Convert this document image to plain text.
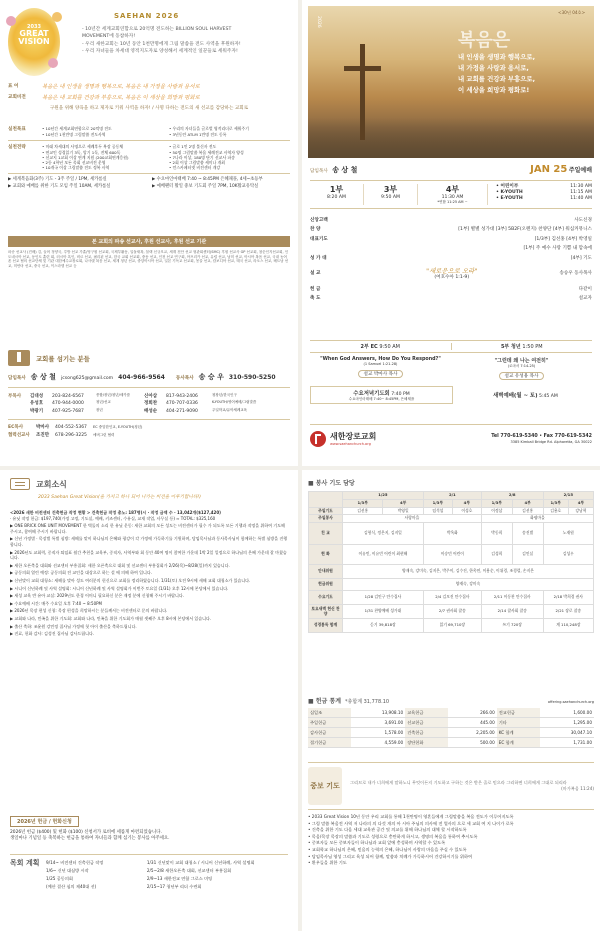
2033
GREAT VISION
SAEHAN 2026
- 10년간 세계교회연합으로 20억명 전도하는 BILLION SOUL HARVEST
MOVEMENT에 동참하자!
- 우리 새한교회는 10년 동안 1천만명에게 그림 말씀을 전도 사역을 후원하자!
- 우리 자녀들을 차세대 영적지도자로 양성해서 세계적인 일꾼들로 세워주자!
표 어	복음은 내 인생을 생명과 행복으로, 복음은 내 가정을 사랑과 용서로
교회비전	복음은 내 교회를 건강과 부흥으로, 복음은 이 세상을 희망과 평화로
구원을 위해 양육을 하고 제자로 키워 사역을 하자! / 사명 다하는 전도의 새 선교를 감당하는 교회로
실천목표	• 10년간 세계교회연합으로 20억명 전도	• 우리의 자녀들을 글로벌 영적리더로 세워주기
• 10년간 1천만명 그림말씀 전도사역	• 3년동안 ATLM 1만명 전도 동록
실천전략	• 미래 차세대의 사명으로 세례후두 복장 공동체	• 글로 1인 2명 불신자 전도
• 연교인 성경읽기 3독, 암기 1독, 전체 600독	• 50명 그림말씀 복음 세례전교 사역자 양성
• 선교지 1교회 이상 연계 지원 (200교회연계응원)	• 7나라 이상, 180명 단기 선교사 파송
• 2등 4학년 모든 목회 선교비전 운영	• 2회 이상 그림말씀 세미나 개최
• 10개국 이상 그림말씀 전도 정복 사역	• 언스카페터넷 비전센터 개강
▶ 세계복음화(3주) 기도 - 3주 주일 / 1PM, 세카룸실	▶ 수요마인마태배 7:40 ~ 8:45PM 은혜채플, 4세~초등부
▶ 교회와 예배를 위한 기도 모임 주일 10AM, 세카룸실	▶ 예배팬터 활일 중보 기도회 주일 7PM, 10K활교유탁실
본 교회의 파송 선교사, 후원 선교사, 후원 선교 기관
파송 선교사 (진배) 김, 들어 정양국, 루방 선교 가훈/영구원 선교회, 국제부활동, 일돌새복, 블랙 신규모교, 세계 천안 선교 형관회센터(SMC) 후원 선교사 GP 선교회, 참순인지선교회, 인도네시아 선교, 동인도 훈련 회, 러시아 흑인, 비르 선교, 필리핀 선교, 한국 교회 선교회, 중동 선교, 인천 선교 연구회, 아프리카 선교, 유럽 선교, 남미 선교, 아시아 복음 선교, 국내 농어촌 선교 협의 선교단체 및 기관 대한예수교장로회, 나사렛 복음 선교, 세계 청년 선교, 중앙아시아 선교, 일본 기독교 선교회, 몽골 선교, 캄보디아 선교, 태국 선교, 라오스 선교, 베트남 선교, 미얀마 선교, 중국 선교, 이스라엘 선교 등
교회를 섬기는 분들
담임목사 송 상 철 jcsong625@gmail.com 404-966-9564 동사목사 송 승 우 310-590-5250
부목사	김대성	203-824-6567	종합/장년/청년/세카룸	신아삼	817-943-2406	청장년/한국인구
유성호	470-944-0000	청년/선교	정희찬	470-707-0336	K-YOUTH/영어예배/그림말씀
박광기	407-925-7687	장년	배성순	404-271-9090	주일학교/유아세례교육
EC목사	박마사 404-552-5367 EC 중앙한인교, E-YOUTH(청년)
협력선교사 조진만 678-296-3225 에버그린 협력
<30년 04호>
2026
복음은
내 인생을 생명과 행복으로,
내 가정을 사랑과 용서로,
내 교회를 건강과 부흥으로,
이 세상을 희망과 평화로!
담임목사 송 상 철	JAN 25 주일예배
1부
8:20 AM
3부
9:50 AM
4부
11:30 AM
*연합 11:25 AM ~
• 어린이부	11:30 AM
• K-YOUTH	11:15 AM
• E-YOUTH	11:40 AM
신앙고백	사도신경
찬 양	[1부] 별별 성가대 [3부] 5B2F(오렌지) 찬양단 [4부] 워십커뮤니스
대표기도	[1/3부] 김선홍 [4부] 박영일
[1부] 주 예수 사랑 기쁨 내 맘속에
성 가 대	[4부] 기도
설 교	"새로운으로 오라"
(여호수아 1:1-9)
송승우 동사목사
헌 금	다같이
축 도	설교자
2부 EC 9:50 AM	5부 청년 1:50 PM
"When God Answers, How Do You Respond?"
(1 Samuel 1:21-28)
설교 박마사 목사
"그런데 왜 나는 여전히"
(로마서 7:14-25)
설교 유성용 목사
수요저녁기도회 7:40 PM
수요마인마태배 7:40~ 8:45PM, 은혜채플	새벽예배(월 ~ 토) 5:45 AM
새한장로교회
www.saehanchurch.org
Tel 770-619-5340 • Fax 770-619-5342
3385 Kimball Bridge Rd. Alpharetta, GA 30022
교회소식
2033 Saehan Great Vision(을 가지고 하나 되어 나가는 비전을 이루기합니다!)
<2026 새한 비전센터 건축헌금 작정 현황 > 건축헌금 작정 총노: 187명(시 · 작정 금액 수 · 13,042개($127,420)
· 유닛 작정 헌금: $197,740(가정 고정, 기도실, 예배, 키즈센터, 수유실, 교재 작업, 사무실 등) ≈ TOTAL: $325,160
▶ ONE BRICK ONE UNIT MOVEMENT 한 벽돌의 소리 한 유닛 운동: 새한 교회의 모든 성도는 비전센터가 필수 가 되도록 모든 기행과 작정을 위하여 기도해 주시고, 참여해 주시기 바랍니다.
▶ 신년 가정별 · 목장별 특별 심방: 새해를 맞이 하나님의 은혜와 평강이 각 가정에 가득하기를 기원하며, 담임목사님과 동사목사님이 함께하는 특별 심방을 진행합니다.
▶ 2026년도 교회력, 중직자 퇴임표 월간 추천을 교육부, 중직자, 사역부와 회 동안 40여 명이 참여한 가운데 1박 2일 일정으로 하나님의 은혜 가운데 잘 마쳤습니다.
▶ 새한 오픈축을 대회와 선교센터 부흥집회: 새한 오픈축으로 대회 및 선교센터 부흥집회가 2/26(목)~8/28(일)까지 있습니다.
▶ 공동의회 열린 예정: 공동의회 전 교인을 대상으로 하는 설 에 의해 하여 입니다.
▶ 신년맞이 교회 대청소: 새해를 맞아 성도 여러분의 헌신으로 교회를 정리하였습니다. 1/31(토) 오전 9시에 새해 교회 대청소가 있습니다.
▶ 시니어 신년하례 및 사역 설명회: 시니어 신년하례 및 사역 설명회가 이번주 토요일 (1/31) 오후 12시에 본당에서 있습니다.
▶ 새성 교육 반 유아 교실: 2029년도 한경 어머니 필요하신 분은 재정 분에 신청해 주시기 바랍니다.
▶ 수요예배 시간: 매주 수요일 오후 7:40 ~ 8:50PM
▶ 2026년 목장 편성 신청: 목장 편성을 희망하시는 분들께서는 비전센터로 문의 바랍니다.
▶ 교회와 나라, 민족을 위한 기도회: 교회와 나라, 민족을 위한 기도회가 매월 셋째주 오후 8시에 본당에서 있습니다.
▶ 출산 축하: 조윤원 강민정 집사님 가정에 첫 아이 출산을 축하드립니다.
▶ 진료, 헌화 감사: 김성진 집사님 감사드립니다.
2026년 헌금 / 헌화신청
2026년 헌금 ($400) 및 헌화 ($100) 신청서가 로비에 세롭게 마련되었습니다.
생일마나 기념일 등 축복하는 헌금을 통하여 자녀들과 함께 섬기는 봉사를 아주세요.
목회 계획	9/14~ 비전센터 건축헌금 작정	1/31 신년맞이 교회 대청소 / 시니어 신년하례, 사역 설명회
1/6~ 신년 대심방 시작	2/5~2/8 새한오픈축 대회, 선교센터 부흥집회
1/25 공동의회	2/9~13 새한전교 연합 그로스 미팅
(예산 결산 심의 제40대 선)	2/15~17 청년부 리더 수련회
■ 봉사 기도 담당
	1/25		2/1		2/8		2/15	
	1/3부	4부	1/3부	4부	1/3부	4부	1/3부	4부
주일기도	김선홍	박영일	임석섭	이성호	이정삼	김선홍	김용호	강남혁
주일봉사	사랑마을				화평마을			
친 교	김형식, 정은지, 김지일		박옥화		박동희	송진별	노재원	
헌 화	이유민, 이유빈 어린이 최현해		이숭민 어린이		김성희	김인실	김성우	
안내위원	양재숙, 강미숙, 김지은, 박주이, 김수진, 한옥연, 이용순, 이위경, 조경렬, 손지은							
헌금위원	양재숙, 강미숙							
수요기도	1/28 김인구 안수집사		2/4 김모진 안수집사		2/11 이동찬 안수집사		2/18 박희경 권사	
토요새벽 헌신 찬양	1/31 찬양예배 성가대		2/7 권사회 찰송		2/14 찰사회 찰송		2/21 장로 찰송	
성경통독 합계	듣기 39,818장		읽기 69,710장		쓰기 720장		계 110,248장	
■ 헌금 통계 *총합계 31,778.10	offering.saehanchurch.org
십일조	13,908.10	교육헌금	266.00	전교헌금	1,600.00
주일헌금	3,691.00	선교헌금	445.00	기타	1,295.00
감사헌금	1,578.00	건축헌금	2,205.00	KC 합계	30,047.10
절기헌금	4,559.00	장단헌화	500.00	EC 합계	1,731.00
중보 기도	그리므로 내가 너희에게 말하노니 무엇이든지 기도하고 구하는 것은 받은 줄로 믿으라 그리하면 너희에게 그대로 되리라
(마가복음 11:24)
• 2033 Great Vision 10년 동안 우리 교회를 통해 1천만명이 영혼들에게 그림말씀을 복음 전도가 이루어지도록
• 그림 말씀 복음전 사역 저 나라의 의 다섯 개의 아 시아 주님의 의사에 전 열사의 으로 세 교회 여 지 나이가 로록
• 건축을 위한 기도 다음 세대 교육관 공간 및 의교를 위해 하나님의 대체 할 시작하도록
• 목음/목장 목장의 말씀과 기도로 성령으로 충만하게 하시고, 생명의 복음을 통하여 추시도록
• 중보자들 모든 중보자들이 하나님과 교회 앞에 충성하며 사역할 수 있도록
• 교회학교 하나님의 은혜, 믿음의 능력의 은혜, 하나님이 사랑의 마음을 주실 수 있도록
• 담임목사님 영성 그리고 육성 되어 함께, 말씀과 치례가 가득하시어 건강하시기를 위하여
• 환우들을 위한 기도
